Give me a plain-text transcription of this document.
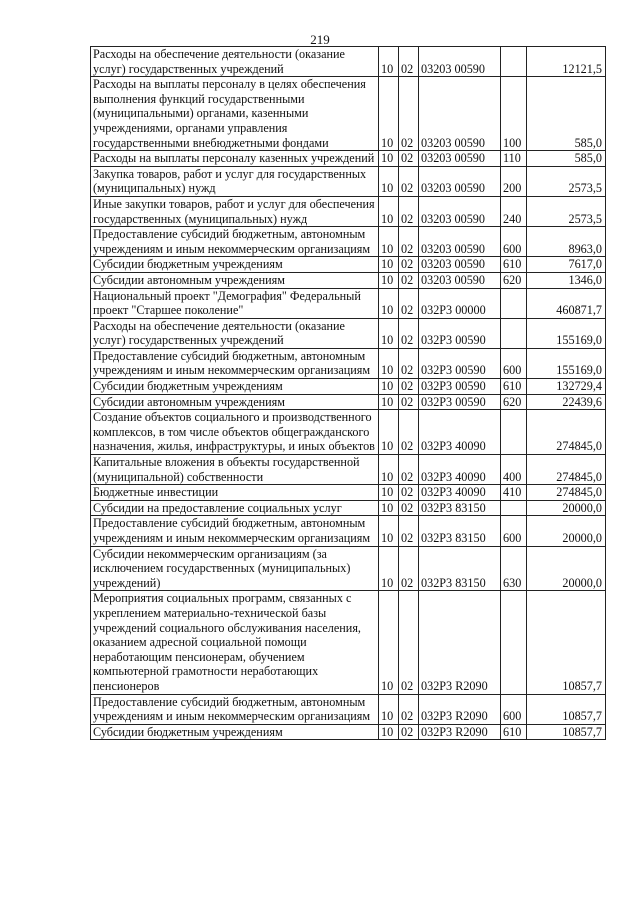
219
Расходы на обеспечение деятельности (оказание услуг) государственных учреждений	10	02	03203 00590		12121,5
Расходы на выплаты персоналу в целях обеспечения выполнения функций государственными (муниципальными) органами, казенными учреждениями, органами управления государственными внебюджетными фондами	10	02	03203 00590	100	585,0
Расходы на выплаты персоналу казенных учреждений	10	02	03203 00590	110	585,0
Закупка товаров, работ и услуг для государственных (муниципальных) нужд	10	02	03203 00590	200	2573,5
Иные закупки товаров, работ и услуг для обеспечения государственных (муниципальных) нужд	10	02	03203 00590	240	2573,5
Предоставление субсидий бюджетным, автономным учреждениям и иным некоммерческим организациям	10	02	03203 00590	600	8963,0
Субсидии бюджетным учреждениям	10	02	03203 00590	610	7617,0
Субсидии автономным учреждениям	10	02	03203 00590	620	1346,0
Национальный проект "Демография" Федеральный проект "Старшее поколение"	10	02	032P3 00000		460871,7
Расходы на обеспечение деятельности (оказание услуг) государственных учреждений	10	02	032P3 00590		155169,0
Предоставление субсидий бюджетным, автономным учреждениям и иным некоммерческим организациям	10	02	032P3 00590	600	155169,0
Субсидии бюджетным учреждениям	10	02	032P3 00590	610	132729,4
Субсидии автономным учреждениям	10	02	032P3 00590	620	22439,6
Создание объектов социального и производственного комплексов, в том числе объектов общегражданского назначения, жилья, инфраструктуры, и иных объектов	10	02	032P3 40090		274845,0
Капитальные вложения в объекты государственной (муниципальной) собственности	10	02	032P3 40090	400	274845,0
Бюджетные инвестиции	10	02	032P3 40090	410	274845,0
Субсидии на предоставление социальных услуг	10	02	032P3 83150		20000,0
Предоставление субсидий бюджетным, автономным учреждениям и иным некоммерческим организациям	10	02	032P3 83150	600	20000,0
Субсидии некоммерческим организациям (за исключением государственных (муниципальных) учреждений)	10	02	032P3 83150	630	20000,0
Мероприятия социальных программ, связанных с укреплением материально-технической базы учреждений социального обслуживания населения, оказанием адресной социальной помощи неработающим пенсионерам, обучением компьютерной грамотности неработающих пенсионеров	10	02	032P3 R2090		10857,7
Предоставление субсидий бюджетным, автономным учреждениям и иным некоммерческим организациям	10	02	032P3 R2090	600	10857,7
Субсидии бюджетным учреждениям	10	02	032P3 R2090	610	10857,7
